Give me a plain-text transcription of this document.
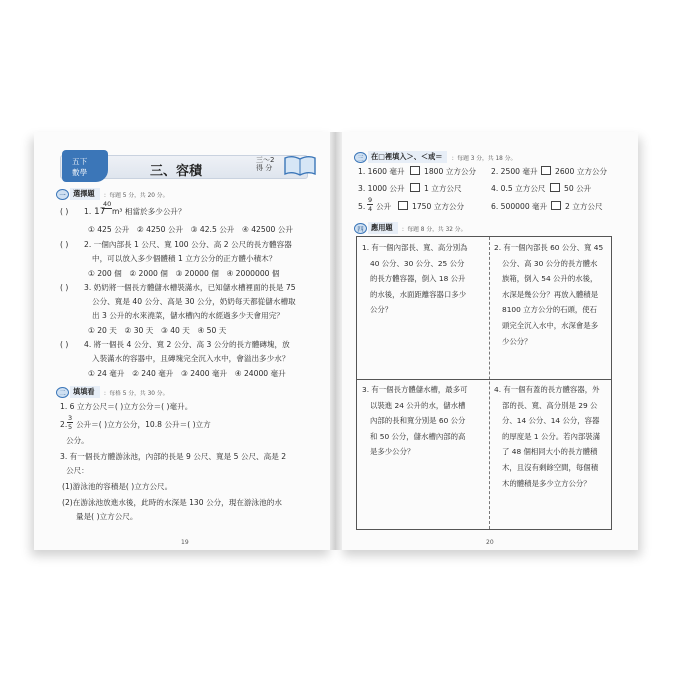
五下
數學	三、容積
三～2
得 分
一	選擇題	：每題 5 分，共 20 分。
( ) 1. 17
40
m³ 相當於多少公升？
① 425 公升　② 4250 公升　③ 42.5 公升　④ 42500 公升
( ) 2. 一個內部長 1 公尺、寬 100 公分、高 2 公尺的長方體容器
中，可以放入多少個體積 1 立方公分的正方體小積木？
① 200 個　② 2000 個　③ 20000 個　④ 2000000 個
( ) 3. 奶奶將一個長方體儲水槽裝滿水，已知儲水槽裡面的長是 75
公分、寬是 40 公分、高是 30 公分，奶奶每天都從儲水槽取
出 3 公升的水來澆菜，儲水槽內的水經過多少天會用完？
① 20 天　② 30 天　③ 40 天　④ 50 天
( ) 4. 將一個長 4 公分、寬 2 公分、高 3 公分的長方體磚塊，放
入裝滿水的容器中，且磚塊完全沉入水中，會溢出多少水？
① 24 毫升　② 240 毫升　③ 2400 毫升　④ 24000 毫升
二	填填看	：每格 5 分，共 30 分。
1. 6 立方公尺＝( )立方公分＝( )毫升。
2.
3
5 公升＝( )立方公分，10.8 公升＝( )立方
公分。
3. 有一個長方體游泳池，內部的長是 9 公尺、寬是 5 公尺、高是 2
公尺：
(1)游泳池的容積是( )立方公尺。
(2)在游泳池放進水後，此時的水深是 130 公分，現在游泳池的水
量是( )立方公尺。
19
三	在□裡填入＞、＜或＝	：每題 3 分，共 18 分。
1. 1600 毫升	1800 立方公分 2. 2500 毫升 2600 立方公分
3. 1000 公升	1 立方公尺	4. 0.5 立方公尺 50 公升
5.
9
4 公升	1750 立方公分	6. 500000 毫升 2 立方公尺
四	應用題	：每題 8 分，共 32 分。
1. 有一個內部長、寬、高分別為
40 公分、30 公分、25 公分
的長方體容器，倒入 18 公升
的水後，水面距離容器口多少
公分？
2. 有一個內部長 60 公分、寬 45
公分、高 30 公分的長方體水
族箱，倒入 54 公升的水後，
水深是幾公分？再放入體積是
8100 立方公分的石頭，使石
頭完全沉入水中，水深會是多
少公分？
3. 有一個長方體儲水槽，最多可
以裝進 24 公升的水，儲水槽
內部的長和寬分別是 60 公分
和 50 公分，儲水槽內部的高
是多少公分？
4. 有一個有蓋的長方體容器，外
部的長、寬、高分別是 29 公
分、14 公分、14 公分，容器
的厚度是 1 公分。若內部裝滿
了 48 個相同大小的長方體積
木，且沒有剩餘空間，每個積
木的體積是多少立方公分？
20
